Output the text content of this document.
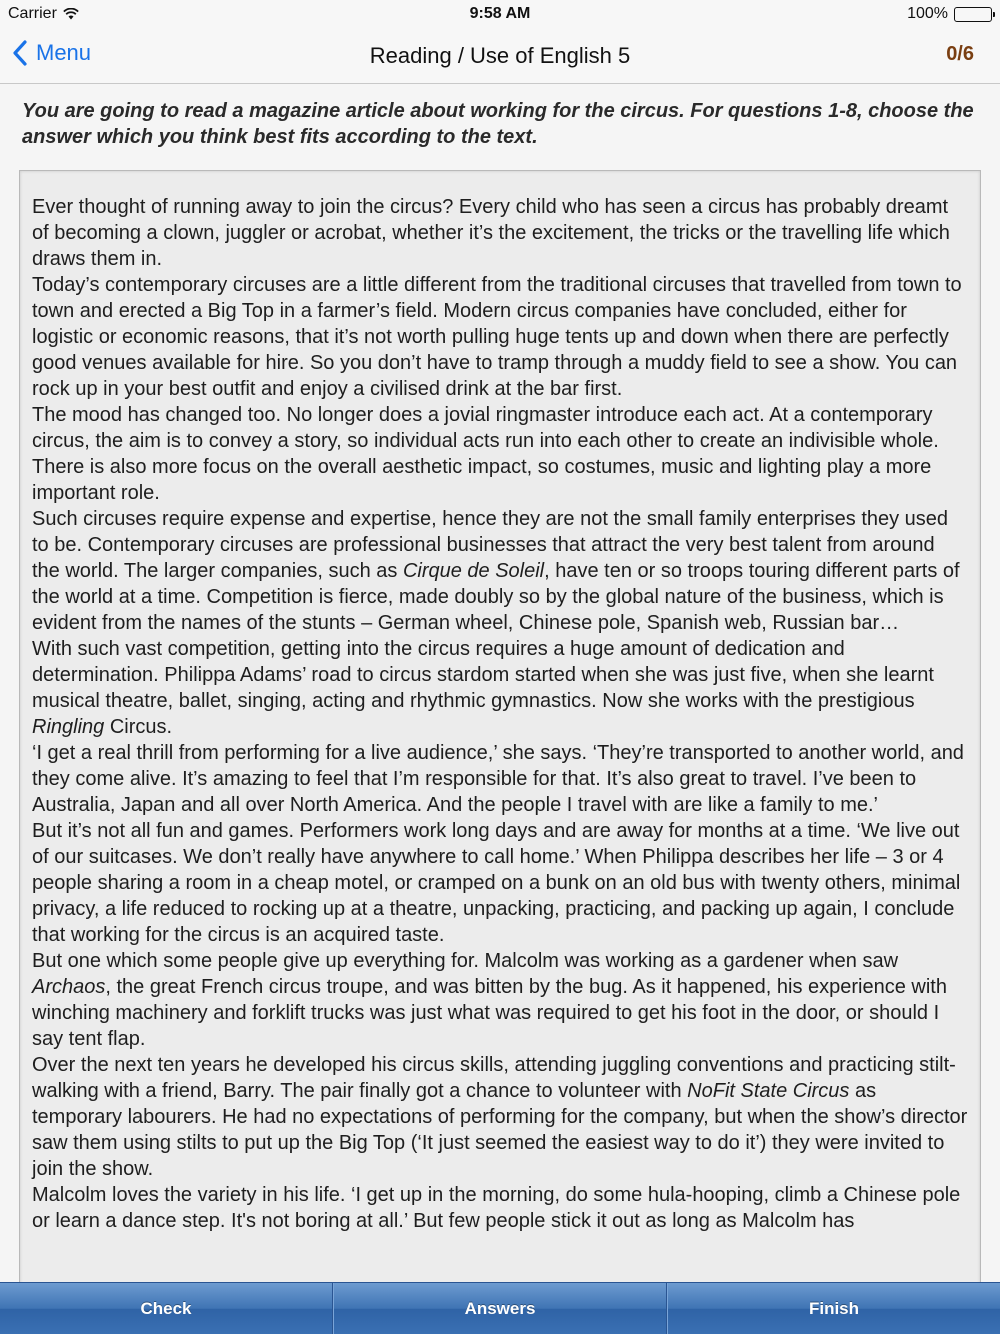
Carrier	9:58 AM	100%
Menu	Reading / Use of English 5	0/6
You are going to read a magazine article about working for the circus. For questions 1-8, choose the answer which you think best fits according to the text.

Ever thought of running away to join the circus? Every child who has seen a circus has probably dreamt of becoming a clown, juggler or acrobat, whether it’s the excitement, the tricks or the travelling life which draws them in.

Today’s contemporary circuses are a little different from the traditional circuses that travelled from town to town and erected a Big Top in a farmer’s field. Modern circus companies have concluded, either for logistic or economic reasons, that it’s not worth pulling huge tents up and down when there are perfectly good venues available for hire. So you don’t have to tramp through a muddy field to see a show. You can rock up in your best outfit and enjoy a civilised drink at the bar first.

The mood has changed too. No longer does a jovial ringmaster introduce each act. At a contemporary circus, the aim is to convey a story, so individual acts run into each other to create an indivisible whole. There is also more focus on the overall aesthetic impact, so costumes, music and lighting play a more important role.

Such circuses require expense and expertise, hence they are not the small family enterprises they used to be. Contemporary circuses are professional businesses that attract the very best talent from around the world. The larger companies, such as Cirque de Soleil, have ten or so troops touring different parts of the world at a time. Competition is fierce, made doubly so by the global nature of the business, which is evident from the names of the stunts – German wheel, Chinese pole, Spanish web, Russian bar…

With such vast competition, getting into the circus requires a huge amount of dedication and determination. Philippa Adams’ road to circus stardom started when she was just five, when she learnt musical theatre, ballet, singing, acting and rhythmic gymnastics. Now she works with the prestigious Ringling Circus.

‘I get a real thrill from performing for a live audience,’ she says. ‘They’re transported to another world, and they come alive. It’s amazing to feel that I’m responsible for that. It’s also great to travel. I’ve been to Australia, Japan and all over North America. And the people I travel with are like a family to me.’

But it’s not all fun and games. Performers work long days and are away for months at a time. ‘We live out of our suitcases. We don’t really have anywhere to call home.’ When Philippa describes her life – 3 or 4 people sharing a room in a cheap motel, or cramped on a bunk on an old bus with twenty others, minimal privacy, a life reduced to rocking up at a theatre, unpacking, practicing, and packing up again, I conclude that working for the circus is an acquired taste.

But one which some people give up everything for. Malcolm was working as a gardener when saw Archaos, the great French circus troupe, and was bitten by the bug. As it happened, his experience with winching machinery and forklift trucks was just what was required to get his foot in the door, or should I say tent flap.

Over the next ten years he developed his circus skills, attending juggling conventions and practicing stilt-walking with a friend, Barry. The pair finally got a chance to volunteer with NoFit State Circus as temporary labourers. He had no expectations of performing for the company, but when the show’s director saw them using stilts to put up the Big Top (‘It just seemed the easiest way to do it’) they were invited to join the show.

Malcolm loves the variety in his life. ‘I get up in the morning, do some hula-hooping, climb a Chinese pole or learn a dance step. It's not boring at all.’ But few people stick it out as long as Malcolm has

Check	Answers	Finish
